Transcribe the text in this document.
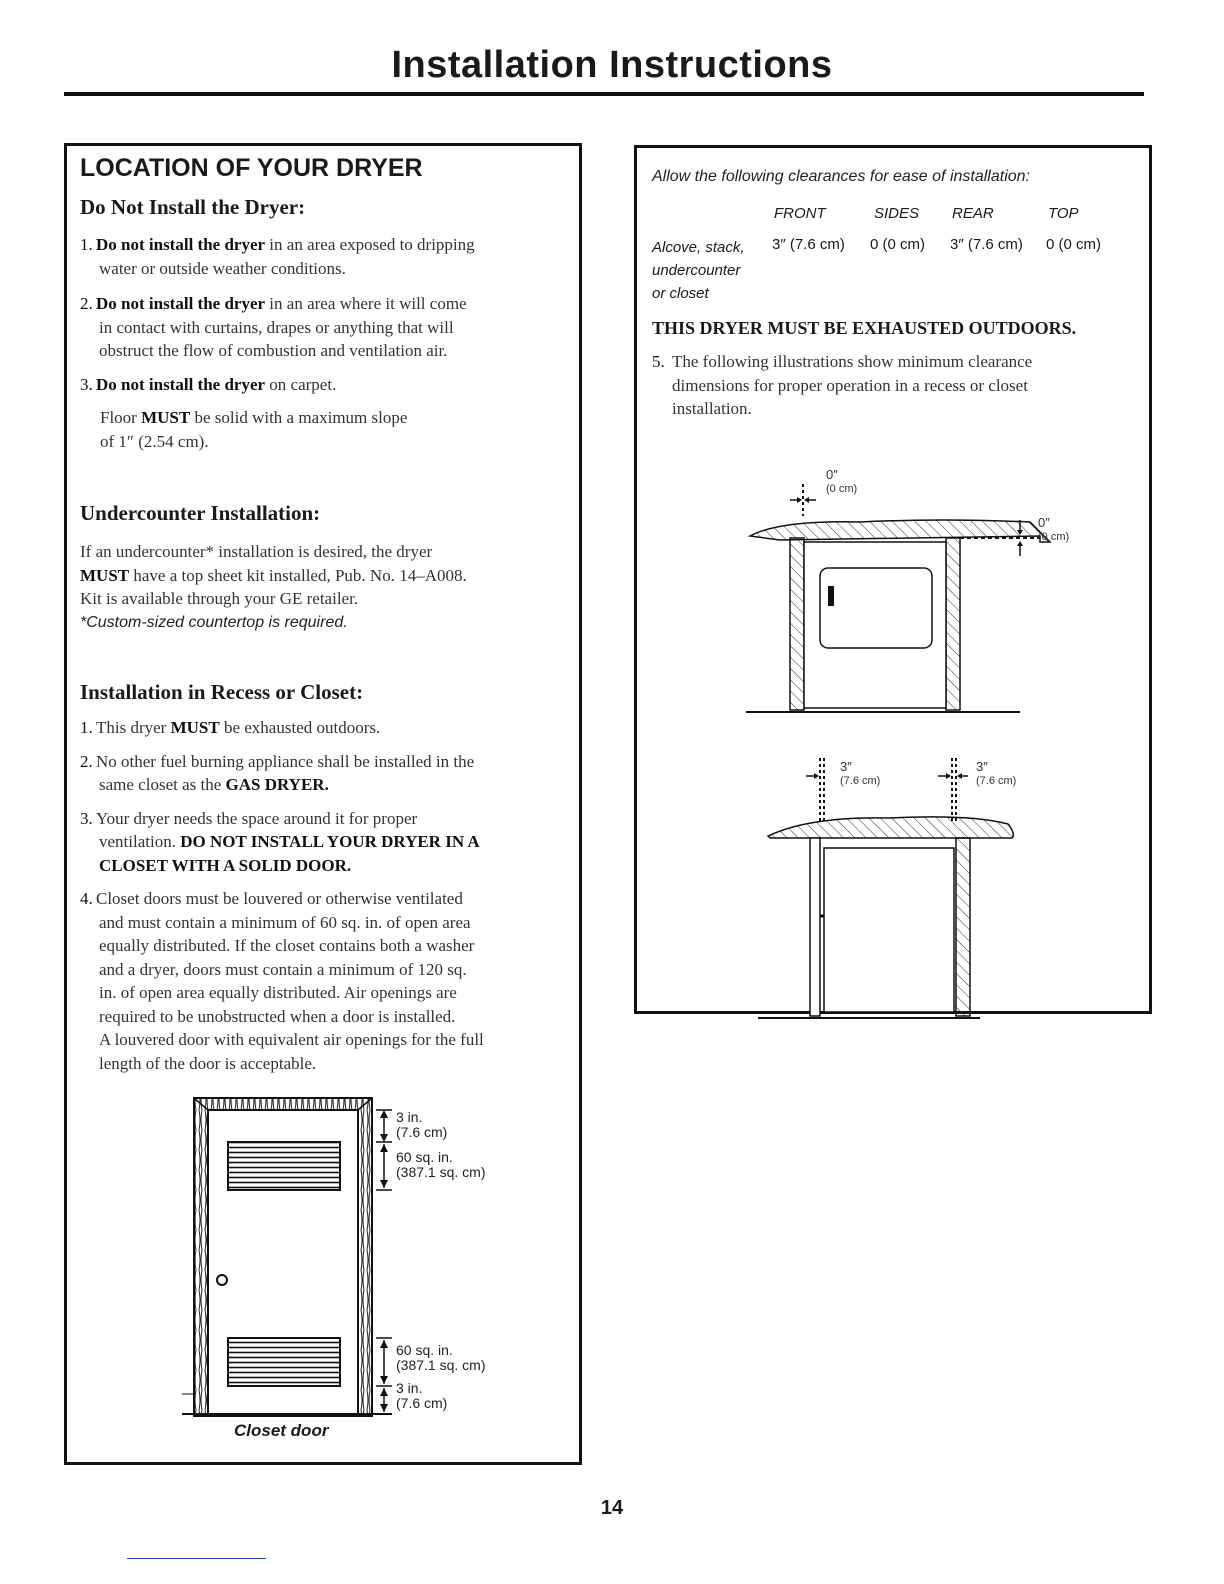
Installation Instructions
LOCATION OF YOUR DRYER
Do Not Install the Dryer:
1. Do not install the dryer in an area exposed to dripping
water or outside weather conditions.
2. Do not install the dryer in an area where it will come
in contact with curtains, drapes or anything that will
obstruct the flow of combustion and ventilation air.
3. Do not install the dryer on carpet.
Floor MUST be solid with a maximum slope
of 1″ (2.54 cm).
Undercounter Installation:
If an undercounter* installation is desired, the dryer
MUST have a top sheet kit installed, Pub. No. 14–A008.
Kit is available through your GE retailer.
*Custom-sized countertop is required.
Installation in Recess or Closet:
1. This dryer MUST be exhausted outdoors.
2. No other fuel burning appliance shall be installed in the
same closet as the GAS DRYER.
3. Your dryer needs the space around it for proper
ventilation. DO NOT INSTALL YOUR DRYER IN A
CLOSET WITH A SOLID DOOR.
4. Closet doors must be louvered or otherwise ventilated
and must contain a minimum of 60 sq. in. of open area
equally distributed. If the closet contains both a washer
and a dryer, doors must contain a minimum of 120 sq.
in. of open area equally distributed. Air openings are
required to be unobstructed when a door is installed.
A louvered door with equivalent air openings for the full
length of the door is acceptable.
3 in.
(7.6 cm)
60 sq. in.
(387.1 sq. cm)
60 sq. in.
(387.1 sq. cm)
3 in.
(7.6 cm)
Closet door
Allow the following clearances for ease of installation:
FRONT	SIDES REAR	TOP
Alcove, stack,
undercounter
or closet
3″ (7.6 cm) 0 (0 cm) 3″ (7.6 cm) 0 (0 cm)
THIS DRYER MUST BE EXHAUSTED OUTDOORS.
5. The following illustrations show minimum clearance
dimensions for proper operation in a recess or closet
installation.
0″
(0 cm)
0″
(0 cm)
3″
(7.6 cm)
3″
(7.6 cm)
14
